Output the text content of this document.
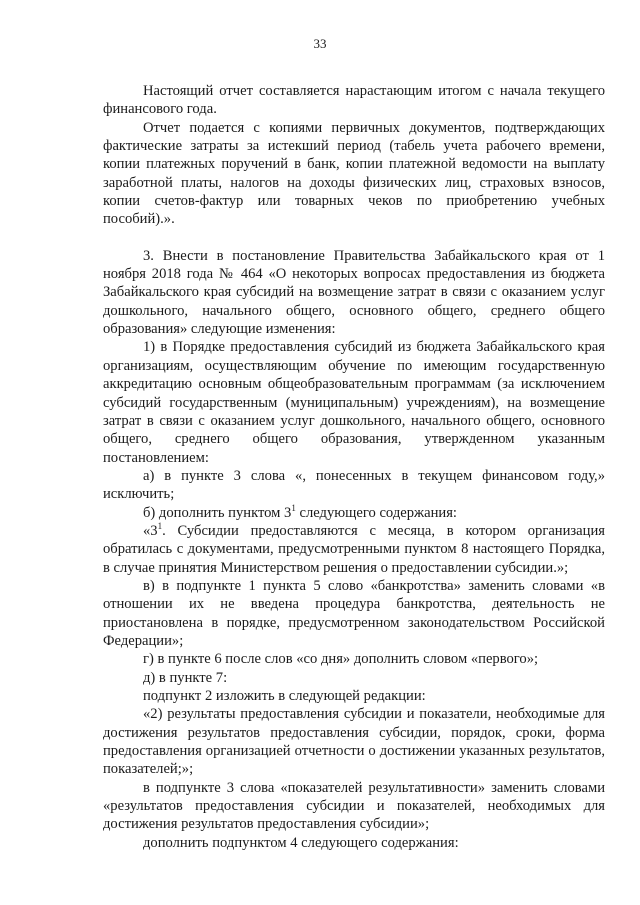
33

Настоящий отчет составляется нарастающим итогом с начала текущего финансового года.

Отчет подается с копиями первичных документов, подтверждающих фактические затраты за истекший период (табель учета рабочего времени, копии платежных поручений в банк, копии платежной ведомости на выплату заработной платы, налогов на доходы физических лиц, страховых взносов, копии счетов-фактур или товарных чеков по приобретению учебных пособий).».

3. Внести в постановление Правительства Забайкальского края от 1 ноября 2018 года № 464 «О некоторых вопросах предоставления из бюджета Забайкальского края субсидий на возмещение затрат в связи с оказанием услуг дошкольного, начального общего, основного общего, среднего общего образования» следующие изменения:

1) в Порядке предоставления субсидий из бюджета Забайкальского края организациям, осуществляющим обучение по имеющим государственную аккредитацию основным общеобразовательным программам (за исключением субсидий государственным (муниципальным) учреждениям), на возмещение затрат в связи с оказанием услуг дошкольного, начального общего, основного общего, среднего общего образования, утвержденном указанным постановлением:

а) в пункте 3 слова «, понесенных в текущем финансовом году,» исключить;

б) дополнить пунктом $3^1$ следующего содержания:

«$3^1$. Субсидии предоставляются с месяца, в котором организация обратилась с документами, предусмотренными пунктом 8 настоящего Порядка, в случае принятия Министерством решения о предоставлении субсидии.»;

в) в подпункте 1 пункта 5 слово «банкротства» заменить словами «в отношении их не введена процедура банкротства, деятельность не приостановлена в порядке, предусмотренном законодательством Российской Федерации»;

г) в пункте 6 после слов «со дня» дополнить словом «первого»;

д) в пункте 7:

подпункт 2 изложить в следующей редакции:

«2) результаты предоставления субсидии и показатели, необходимые для достижения результатов предоставления субсидии, порядок, сроки, форма предоставления организацией отчетности о достижении указанных результатов, показателей;»;

в подпункте 3 слова «показателей результативности» заменить словами «результатов предоставления субсидии и показателей, необходимых для достижения результатов предоставления субсидии»;

дополнить подпунктом 4 следующего содержания:
